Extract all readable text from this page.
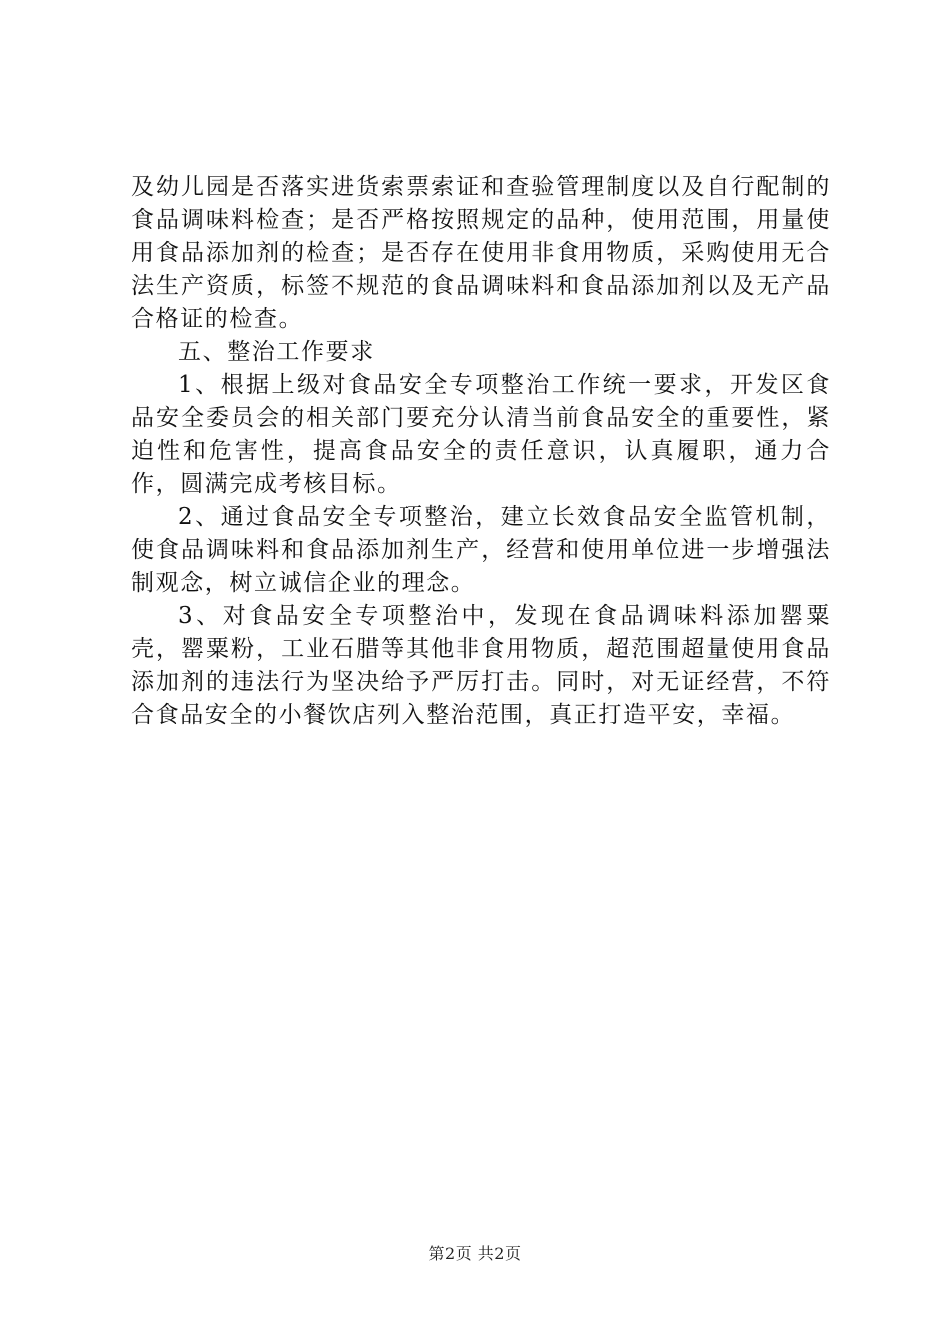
及幼儿园是否落实进货索票索证和查验管理制度以及自行配制的食品调味料检查；是否严格按照规定的品种，使用范围，用量使用食品添加剂的检查；是否存在使用非食用物质，采购使用无合法生产资质，标签不规范的食品调味料和食品添加剂以及无产品合格证的检查。

五、整治工作要求

1、根据上级对食品安全专项整治工作统一要求，开发区食品安全委员会的相关部门要充分认清当前食品安全的重要性，紧迫性和危害性，提高食品安全的责任意识，认真履职，通力合作，圆满完成考核目标。

2、通过食品安全专项整治，建立长效食品安全监管机制，使食品调味料和食品添加剂生产，经营和使用单位进一步增强法制观念，树立诚信企业的理念。

3、对食品安全专项整治中，发现在食品调味料添加罂粟壳，罂粟粉，工业石腊等其他非食用物质，超范围超量使用食品添加剂的违法行为坚决给予严厉打击。同时，对无证经营，不符合食品安全的小餐饮店列入整治范围，真正打造平安，幸福。

第2页 共2页
